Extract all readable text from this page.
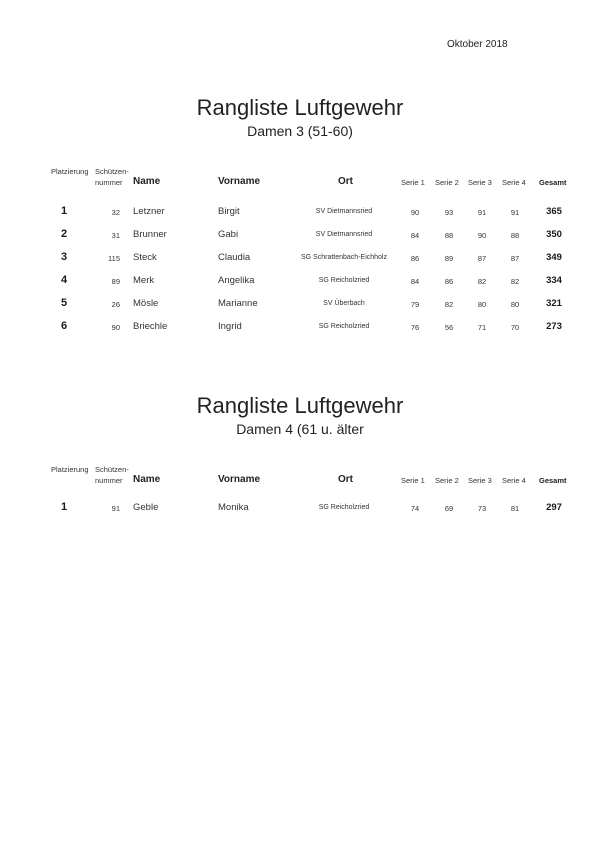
Oktober 2018
Rangliste Luftgewehr
Damen 3 (51-60)
Platzierung Schützen-
nummer Name	Vorname	Ort	Serie 1 Serie 2 Serie 3 Serie 4 Gesamt
1	32 Letzner	Birgit	SV Dietmannsried	90	93	91	91	365
2	31 Brunner	Gabi	SV Dietmannsried	84	88	90	88	350
3	115 Steck	Claudia	SG Schrattenbach-Eichholz	86	89	87	87	349
4	89 Merk	Angelika	SG Reicholzried	84	86	82	82	334
5	26 Mösle	Marianne	SV Überbach	79	82	80	80	321
6	90 Briechle	Ingrid	SG Reicholzried	76	56	71	70	273
Rangliste Luftgewehr
Damen 4 (61 u. älter
Platzierung Schützen-
nummer Name	Vorname	Ort	Serie 1 Serie 2 Serie 3 Serie 4 Gesamt
1	91 Geble	Monika	SG Reicholzried	74	69	73	81	297
